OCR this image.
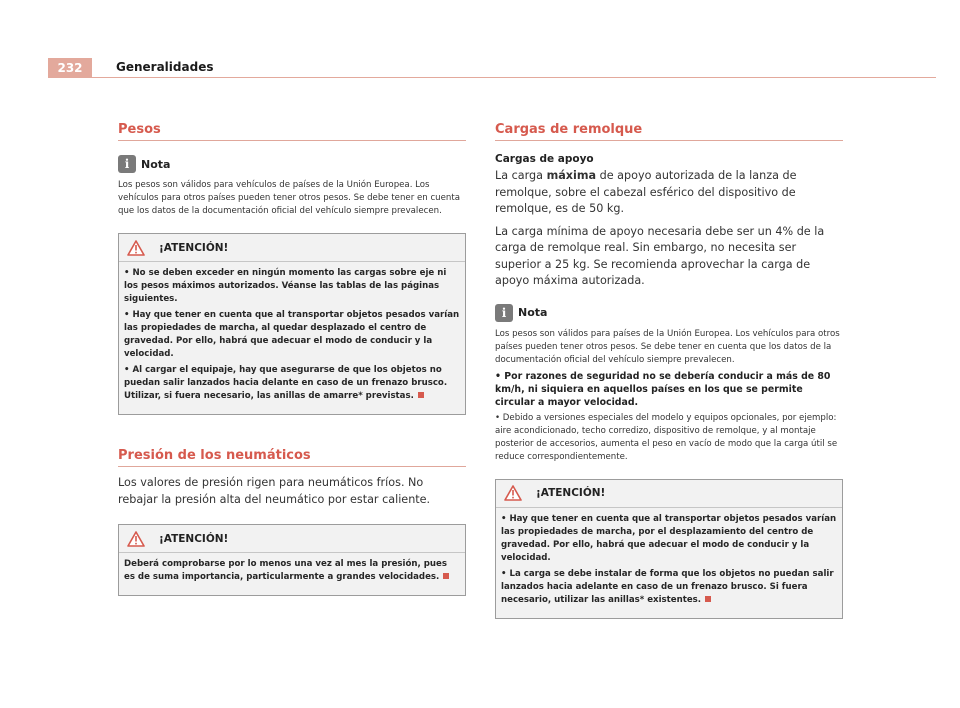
232	Generalidades
Pesos
i	Nota

Los pesos son válidos para vehículos de países de la Unión Europea. Los vehículos para otros países pueden tener otros pesos. Se debe tener en cuenta que los datos de la documentación oficial del vehículo siempre prevalecen.

¡ATENCIÓN!

• No se deben exceder en ningún momento las cargas sobre eje ni los pesos máximos autorizados. Véanse las tablas de las páginas siguientes.

• Hay que tener en cuenta que al transportar objetos pesados varían las propiedades de marcha, al quedar desplazado el centro de gravedad. Por ello, habrá que adecuar el modo de conducir y la velocidad.

• Al cargar el equipaje, hay que asegurarse de que los objetos no puedan salir lanzados hacia delante en caso de un frenazo brusco. Utilizar, si fuera necesario, las anillas de amarre* previstas.

Presión de los neumáticos

Los valores de presión rigen para neumáticos fríos. No rebajar la presión alta del neumático por estar caliente.

¡ATENCIÓN!

Deberá comprobarse por lo menos una vez al mes la presión, pues es de suma importancia, particularmente a grandes velocidades.

Cargas de remolque
Cargas de apoyo

La carga máxima de apoyo autorizada de la lanza de remolque, sobre el cabezal esférico del dispositivo de remolque, es de 50 kg.

La carga mínima de apoyo necesaria debe ser un 4% de la carga de remolque real. Sin embargo, no necesita ser superior a 25 kg. Se recomienda aprovechar la carga de apoyo máxima autorizada.

i	Nota

Los pesos son válidos para países de la Unión Europea. Los vehículos para otros países pueden tener otros pesos. Se debe tener en cuenta que los datos de la documentación oficial del vehículo siempre prevalecen.

• Por razones de seguridad no se debería conducir a más de 80 km/h, ni siquiera en aquellos países en los que se permite circular a mayor velocidad.

• Debido a versiones especiales del modelo y equipos opcionales, por ejemplo: aire acondicionado, techo corredizo, dispositivo de remolque, y al montaje posterior de accesorios, aumenta el peso en vacío de modo que la carga útil se reduce correspondientemente.

¡ATENCIÓN!

• Hay que tener en cuenta que al transportar objetos pesados varían las propiedades de marcha, por el desplazamiento del centro de gravedad. Por ello, habrá que adecuar el modo de conducir y la velocidad.

• La carga se debe instalar de forma que los objetos no puedan salir lanzados hacia adelante en caso de un frenazo brusco. Si fuera necesario, utilizar las anillas* existentes.
